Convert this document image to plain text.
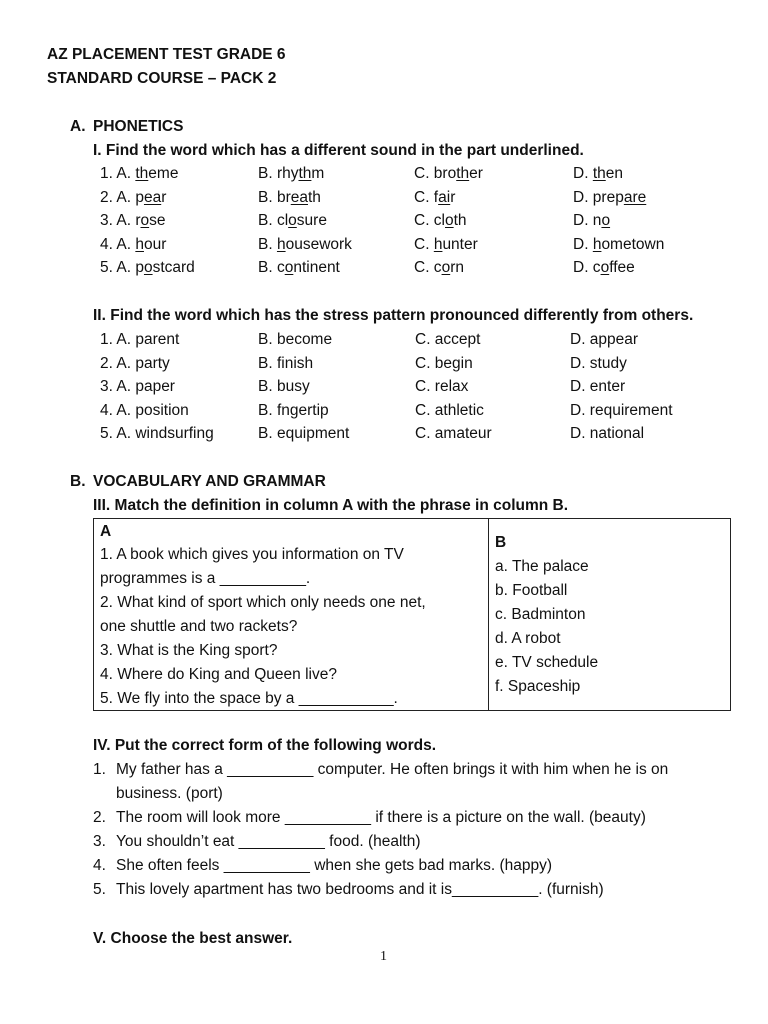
AZ PLACEMENT TEST GRADE 6
STANDARD COURSE – PACK 2
A. PHONETICS
I. Find the word which has a different sound in the part underlined.
1. A. theme	B. rhythm	C. brother	D. then
2. A. pear	B. breath	C. fair	D. prepare
3. A. rose	B. closure	C. cloth	D. no
4. A. hour	B. housework	C. hunter	D. hometown
5. A. postcard	B. continent	C. corn	D. coffee
II. Find the word which has the stress pattern pronounced differently from others.
1. A. parent	B. become	C. accept	D. appear
2. A. party	B. finish	C. begin	D. study
3. A. paper	B. busy	C. relax	D. enter
4. A. position	B. fngertip	C. athletic	D. requirement
5. A. windsurfing	B. equipment	C. amateur	D. national
B. VOCABULARY AND GRAMMAR
III. Match the definition in column A with the phrase in column B.
A
1. A book which gives you information on TV
programmes is a __________.
2. What kind of sport which only needs one net,
one shuttle and two rackets?
3. What is the King sport?
4. Where do King and Queen live?
5. We fly into the space by a ___________.
B
a. The palace
b. Football
c. Badminton
d. A robot
e. TV schedule
f. Spaceship
IV. Put the correct form of the following words.
1. My father has a __________ computer. He often brings it with him when he is on
business. (port)
2. The room will look more __________ if there is a picture on the wall. (beauty)
3. You shouldn’t eat __________ food. (health)
4. She often feels __________ when she gets bad marks. (happy)
5. This lovely apartment has two bedrooms and it is__________. (furnish)
V. Choose the best answer.
1
